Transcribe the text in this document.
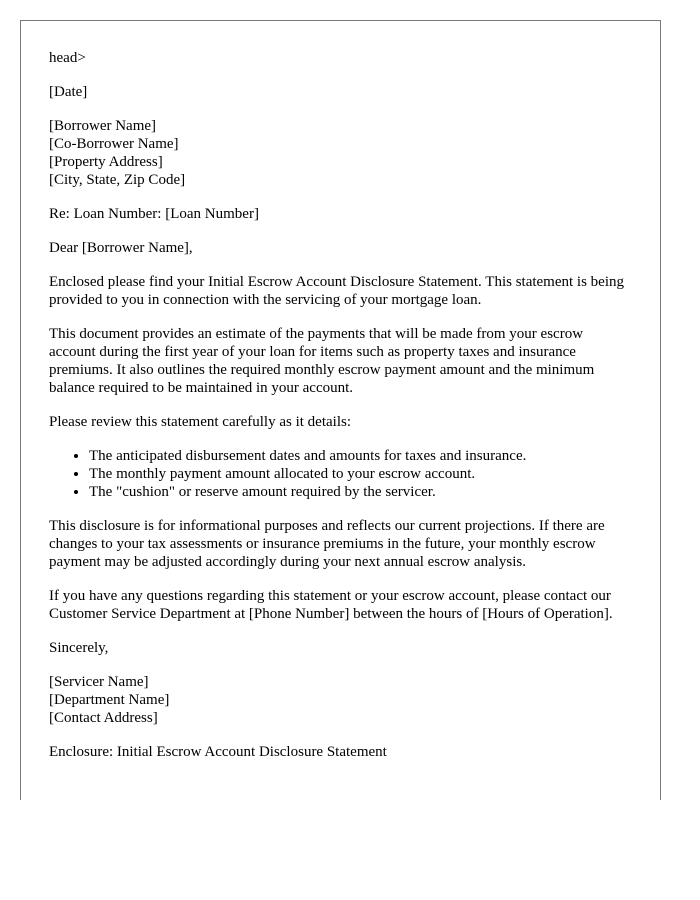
head>

[Date]

[Borrower Name]
[Co-Borrower Name]
[Property Address]
[City, State, Zip Code]

Re: Loan Number: [Loan Number]

Dear [Borrower Name],

Enclosed please find your Initial Escrow Account Disclosure Statement. This statement is being provided to you in connection with the servicing of your mortgage loan.

This document provides an estimate of the payments that will be made from your escrow account during the first year of your loan for items such as property taxes and insurance premiums. It also outlines the required monthly escrow payment amount and the minimum balance required to be maintained in your account.

Please review this statement carefully as it details:

• The anticipated disbursement dates and amounts for taxes and insurance.
• The monthly payment amount allocated to your escrow account.
• The "cushion" or reserve amount required by the servicer.

This disclosure is for informational purposes and reflects our current projections. If there are changes to your tax assessments or insurance premiums in the future, your monthly escrow payment may be adjusted accordingly during your next annual escrow analysis.

If you have any questions regarding this statement or your escrow account, please contact our Customer Service Department at [Phone Number] between the hours of [Hours of Operation].

Sincerely,

[Servicer Name]
[Department Name]
[Contact Address]

Enclosure: Initial Escrow Account Disclosure Statement
